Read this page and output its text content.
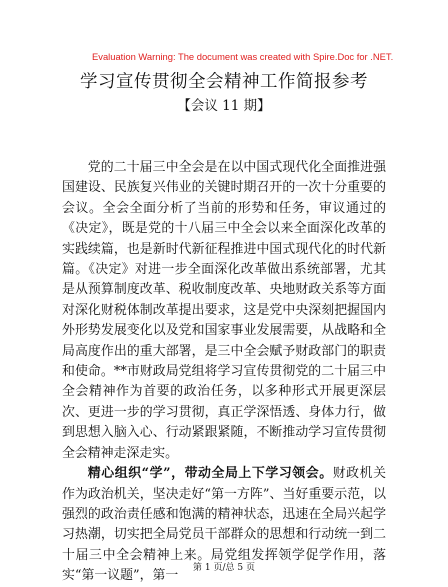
Evaluation Warning: The document was created with Spire.Doc for .NET.
学习宣传贯彻全会精神工作简报参考
【会议 11 期】

党的二十届三中全会是在以中国式现代化全面推进强国建设、民族复兴伟业的关键时期召开的一次十分重要的会议。全会全面分析了当前的形势和任务，审议通过的《决定》，既是党的十八届三中全会以来全面深化改革的实践续篇，也是新时代新征程推进中国式现代化的时代新篇。《决定》对进一步全面深化改革做出系统部署，尤其是从预算制度改革、税收制度改革、央地财政关系等方面对深化财税体制改革提出要求，这是党中央深刻把握国内外形势发展变化以及党和国家事业发展需要，从战略和全局高度作出的重大部署，是三中全会赋予财政部门的职责和使命。**市财政局党组将学习宣传贯彻党的二十届三中全会精神作为首要的政治任务，以多种形式开展更深层次、更进一步的学习贯彻，真正学深悟透、身体力行，做到思想入脑入心、行动紧跟紧随，不断推动学习宣传贯彻全会精神走深走实。

精心组织“学”，带动全局上下学习领会。财政机关作为政治机关，坚决走好“第一方阵”、当好重要示范，以强烈的政治责任感和饱满的精神状态，迅速在全局兴起学习热潮，切实把全局党员干部群众的思想和行动统一到二十届三中全会精神上来。局党组发挥领学促学作用，落实“第一议题”，第一

第 1 页/总 5 页
